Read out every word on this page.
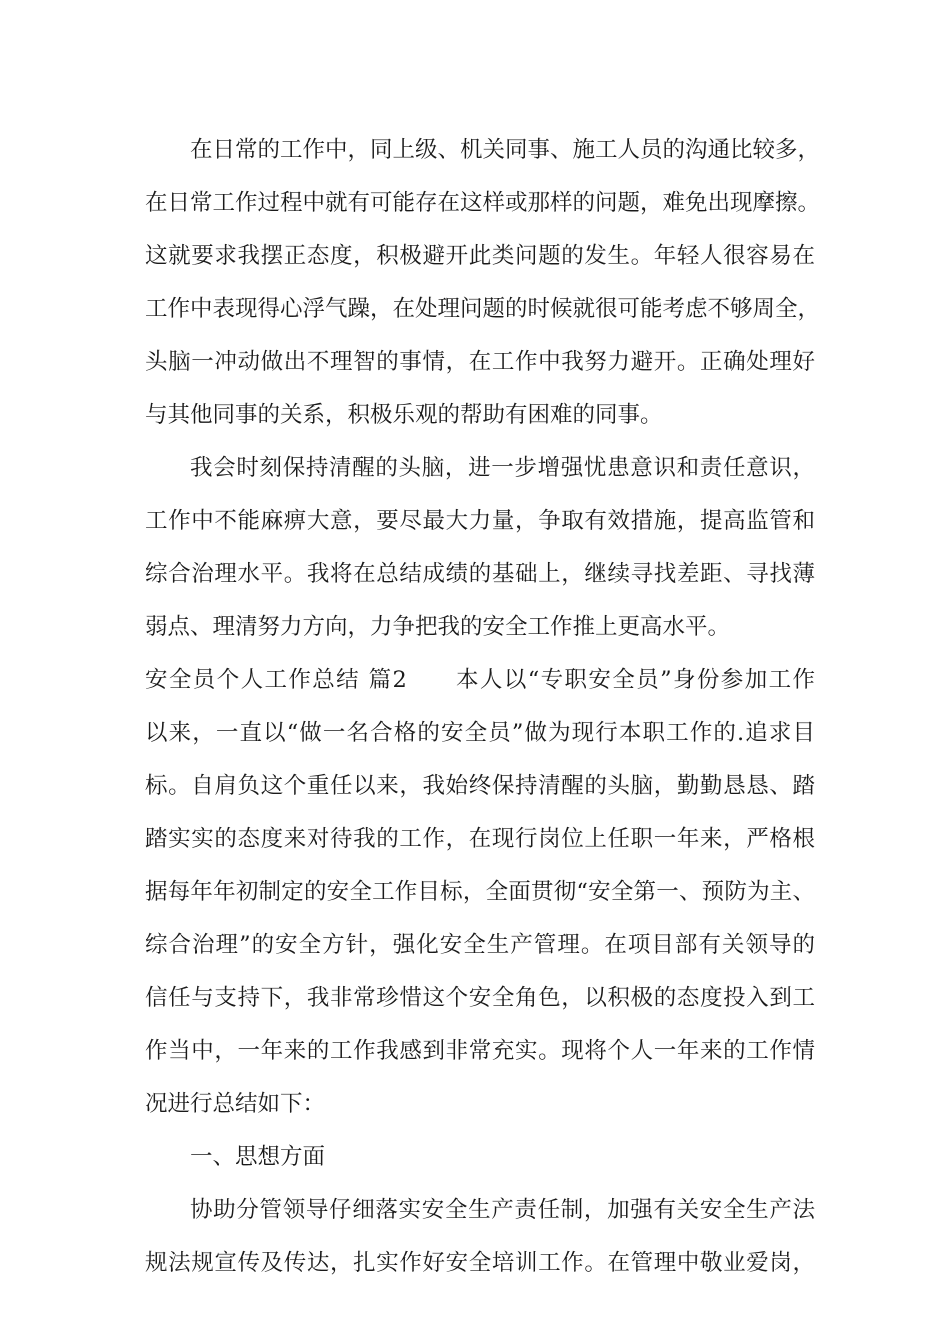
在日常的工作中，同上级、机关同事、施工人员的沟通比较多，
在日常工作过程中就有可能存在这样或那样的问题，难免出现摩擦。
这就要求我摆正态度，积极避开此类问题的发生。年轻人很容易在
工作中表现得心浮气躁，在处理问题的时候就很可能考虑不够周全，
头脑一冲动做出不理智的事情，在工作中我努力避开。正确处理好
与其他同事的关系，积极乐观的帮助有困难的同事。
我会时刻保持清醒的头脑，进一步增强忧患意识和责任意识，
工作中不能麻痹大意，要尽最大力量，争取有效措施，提高监管和
综合治理水平。我将在总结成绩的基础上，继续寻找差距、寻找薄
弱点、理清努力方向，力争把我的安全工作推上更高水平。
安全员个人工作总结 篇2　　本人以“专职安全员”身份参加工作
以来，一直以“做一名合格的安全员”做为现行本职工作的.追求目
标。自肩负这个重任以来，我始终保持清醒的头脑，勤勤恳恳、踏
踏实实的态度来对待我的工作，在现行岗位上任职一年来，严格根
据每年年初制定的安全工作目标，全面贯彻“安全第一、预防为主、
综合治理”的安全方针，强化安全生产管理。在项目部有关领导的
信任与支持下，我非常珍惜这个安全角色，以积极的态度投入到工
作当中，一年来的工作我感到非常充实。现将个人一年来的工作情
况进行总结如下：
一、思想方面
协助分管领导仔细落实安全生产责任制，加强有关安全生产法
规法规宣传及传达，扎实作好安全培训工作。在管理中敬业爱岗，
